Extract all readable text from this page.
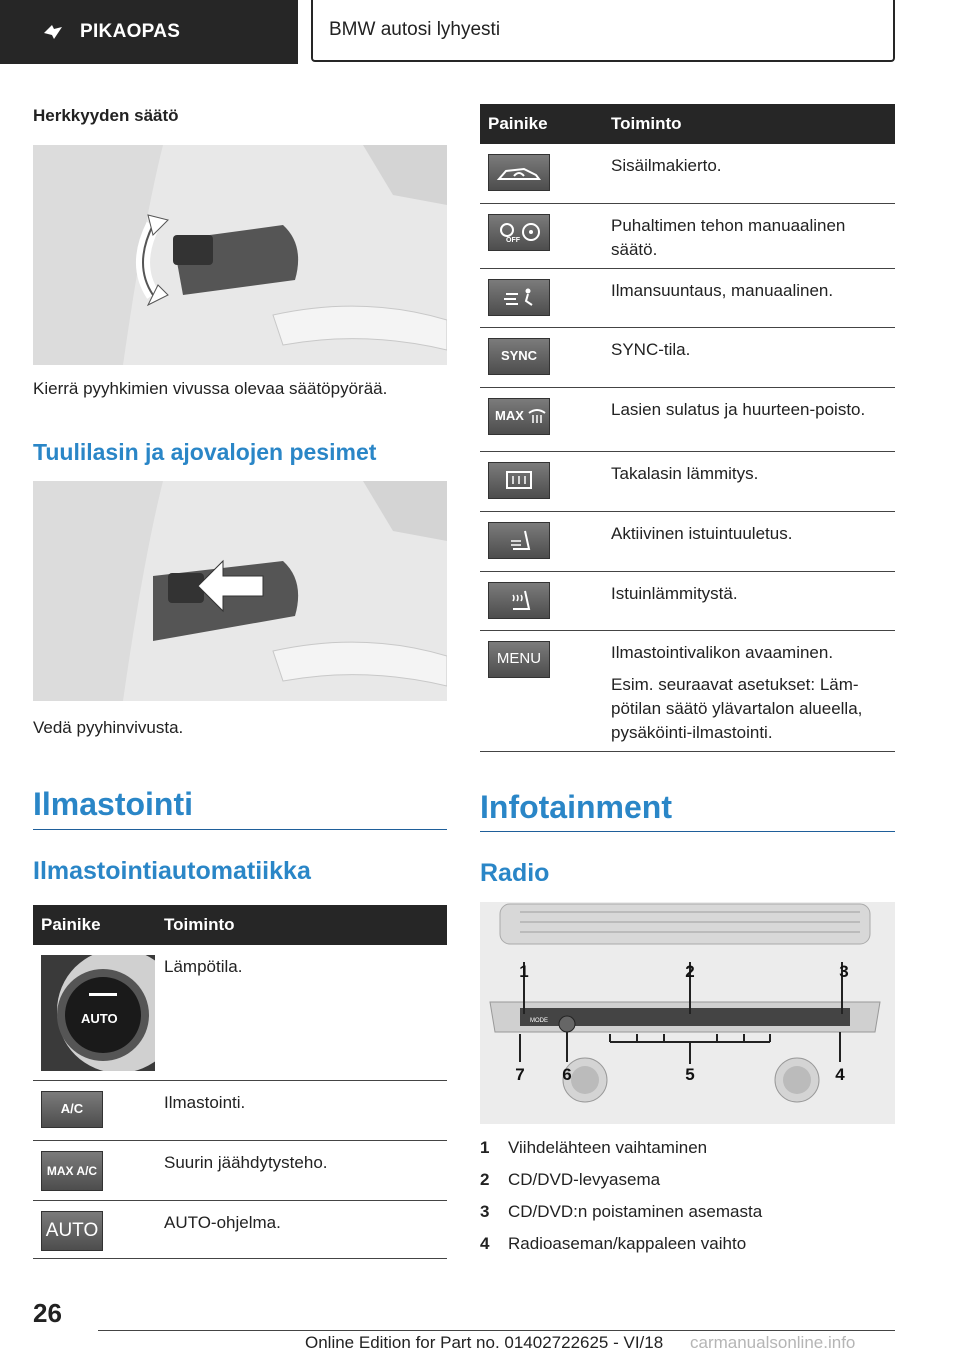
PIKAOPAS	BMW autosi lyhyesti
Herkkyyden säätö
Kierrä pyyhkimien vivussa olevaa säätöpyörää.
Tuulilasin ja ajovalojen pesimet
Vedä pyyhinvivusta.
Ilmastointi
Ilmastointiautomatiikka
Painike	Toiminto

AUTO	Lämpötila.

A/C	Ilmastointi.

MAX A/C	Suurin jäähdytysteho.

AUTO	AUTO-ohjelma.
Painike	Toiminto

	Sisäilmakierto.

OFF	Puhaltimen tehon manuaalinen säätö.

	Ilmansuuntaus, manuaalinen.

SYNC	SYNC-tila.

MAX	Lasien sulatus ja huurteen-poisto.

	Takalasin lämmitys.

	Aktiivinen istuintuuletus.

	Istuinlämmitystä.

MENU	Ilmastointivalikon avaaminen.
Esim. seuraavat asetukset: Läm-pötilan säätö ylävartalon alueella, pysäköinti-ilmastointi.
Infotainment
Radio
1	2	3
4
5
6
7
MODE
1	Viihdelähteen vaihtaminen
2	CD/DVD-levyasema
3	CD/DVD:n poistaminen asemasta
4	Radioaseman/kappaleen vaihto
26
Online Edition for Part no. 01402722625 - VI/18 carmanualsonline.info
